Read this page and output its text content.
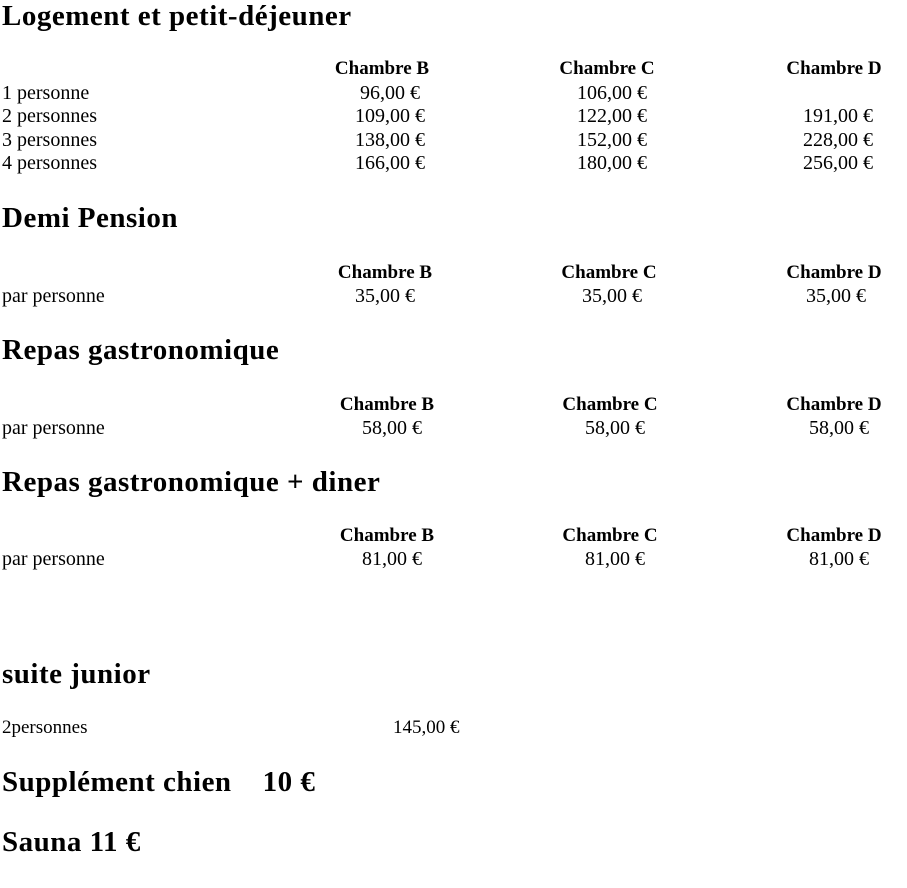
Logement et petit-déjeuner
Chambre B	Chambre C	Chambre D
1 personne	96,00 €	106,00 €
2 personnes	109,00 €	122,00 €	191,00 €
3 personnes	138,00 €	152,00 €	228,00 €
4 personnes	166,00 €	180,00 €	256,00 €
Demi Pension
Chambre B	Chambre C	Chambre D
par personne	35,00 €	35,00 €	35,00 €
Repas gastronomique
Chambre B	Chambre C	Chambre D
par personne	58,00 €	58,00 €	58,00 €
Repas gastronomique + diner
Chambre B	Chambre C	Chambre D
par personne	81,00 €	81,00 €	81,00 €
suite junior
2personnes	145,00 €
Supplément chien    10 €
Sauna 11 €
